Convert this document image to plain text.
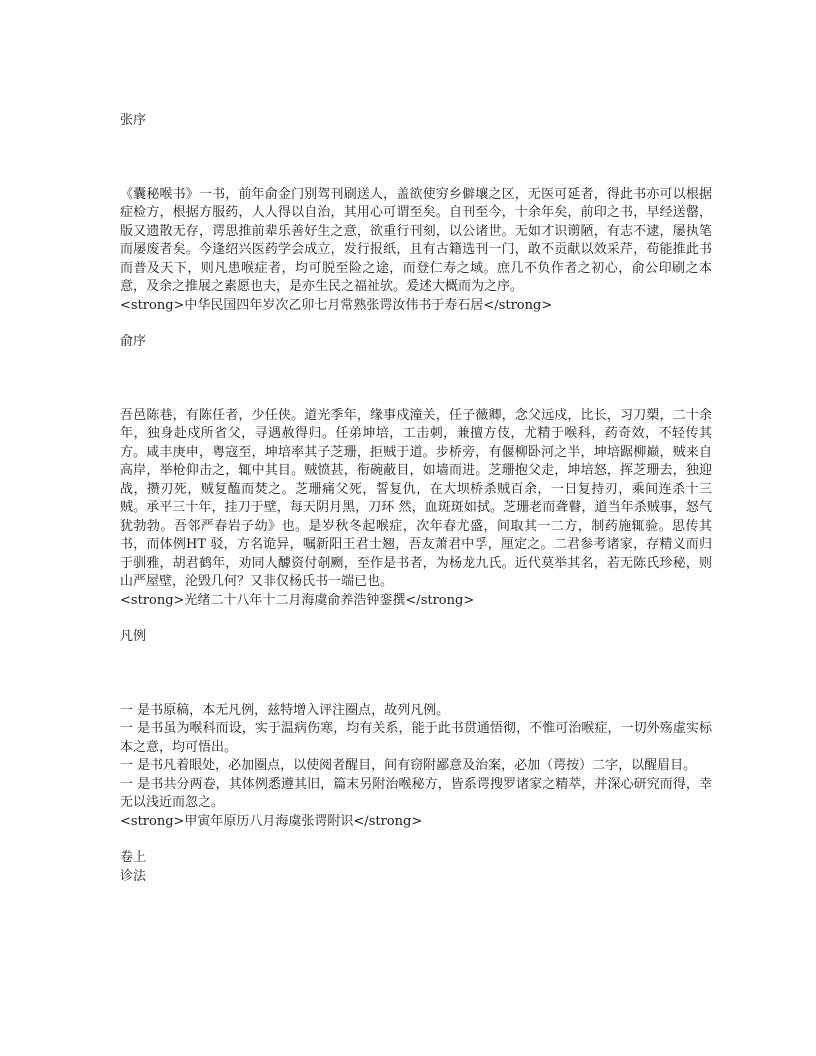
张序

《囊秘喉书》一书，前年俞金门别驾刊刷送人，盖欲使穷乡僻壤之区，无医可延者，得此书亦可以根据症检方，根据方服药，人人得以自治，其用心可谓至矣。自刊至今，十余年矣，前印之书，早经送罄，版又遗散无存，谔思推前辈乐善好生之意，欲重行刊刻，以公诸世。无如才识谫陋，有志不逮，屡执笔而屡废者矣。今逢绍兴医药学会成立，发行报纸，且有古籍选刊一门，敢不贡献以效采芹，苟能推此书而普及天下，则凡患喉症者，均可脱至险之途，而登仁寿之域。庶几不负作者之初心，俞公印刷之本意，及余之推展之素愿也夫，是亦生民之福祉欤。爰述大概而为之序。

<strong>中华民国四年岁次乙卯七月常熟张谔汝伟书于寿石居</strong>

俞序

吾邑陈巷，有陈任者，少任侠。道光季年，缘事戍潼关，任子薇卿，念父远戍，比长，习刀槊，二十余年，独身赴戍所省父，寻遇赦得归。任弟坤培，工击刺，兼擅方伎，尤精于喉科，药奇效，不轻传其方。咸丰庚申，粤寇至，坤培率其子芝珊，拒贼于道。步桥旁，有偃柳卧河之半，坤培踞柳巅，贼来自高岸，举枪仰击之，辄中其目。贼愤甚，衔碗蔽目，如墙而进。芝珊抱父走，坤培怒，挥芝珊去，独迎战，攒刃死，贼复醢而焚之。芝珊痛父死，誓复仇，在大坝桥杀贼百余，一日复持刃，乘间连杀十三贼。承平三十年，挂刀于壁，每天阴月黑，刀环 然，血斑斑如拭。芝珊老而聋瞽，道当年杀贼事，怒气犹勃勃。吾邻严春岩子幼》也。是岁秋冬起喉症，次年春尤盛，间取其一二方，制药施辄验。思传其书，而体例HT 驳，方名诡异，嘱新阳王君士翘，吾友萧君中孚，厘定之。二君参考诸家，存精义而归于驯雅，胡君鹤年，劝同人醵资付剞劂，至作是书者，为杨龙九氏。近代莫举其名，若无陈氏珍秘，则山严屋壁，沦毁几何？又非仅杨氏书一端已也。

<strong>光绪二十八年十二月海虞俞养浩钟銮撰</strong>

凡例
一 是书原稿，本无凡例，兹特增入评注圈点，故列凡例。
一 是书虽为喉科而设，实于温病伤寒，均有关系，能于此书贯通悟彻，不惟可治喉症，一切外殇虚实标本之意，均可悟出。
一 是书凡着眼处，必加圈点，以使阅者醒目，间有窃附鄙意及治案，必加（谔按）二字，以醒眉目。
一 是书共分两卷，其体例悉遵其旧，篇末另附治喉秘方，皆系谔搜罗诸家之精萃，并深心研究而得，幸无以浅近而忽之。

<strong>甲寅年原历八月海虞张谔附识</strong>

卷上
诊法
